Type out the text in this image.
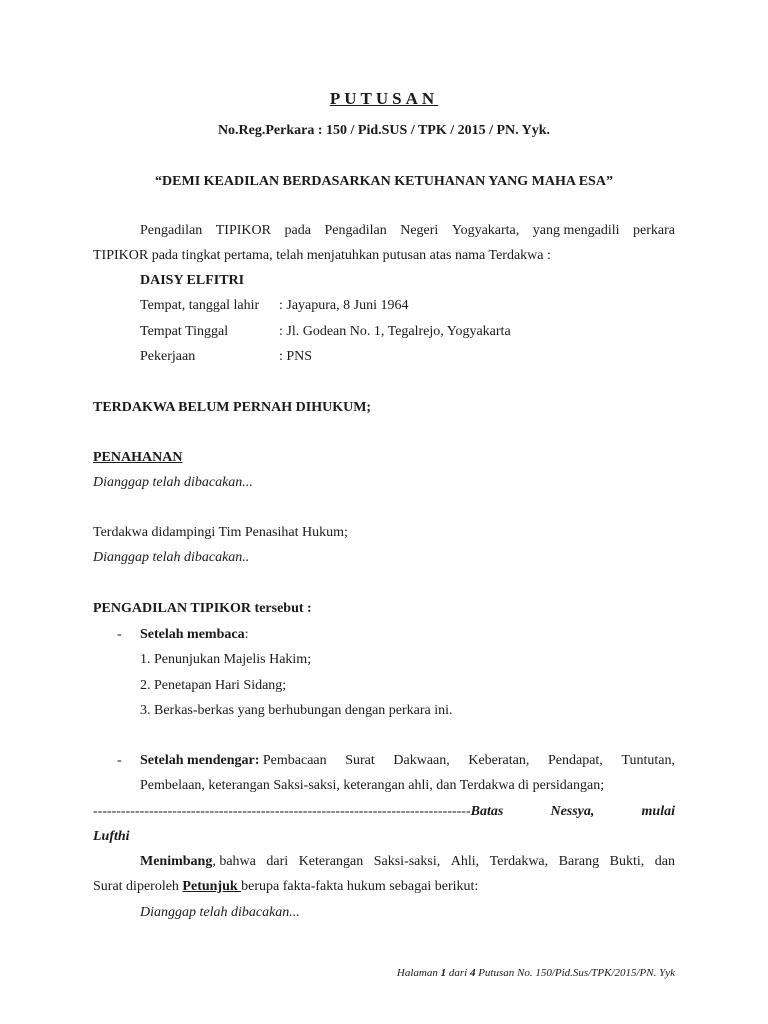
PUTUSAN
No.Reg.Perkara : 150 / Pid.SUS / TPK / 2015 / PN. Yyk.
“DEMI KEADILAN BERDASARKAN KETUHANAN YANG MAHA ESA”
Pengadilan TIPIKOR pada Pengadilan Negeri Yogyakarta, yang mengadili perkara
TIPIKOR pada tingkat pertama, telah menjatuhkan putusan atas nama Terdakwa :
DAISY ELFITRI
Tempat, tanggal lahir : Jayapura, 8 Juni 1964
Tempat Tinggal	: Jl. Godean No. 1, Tegalrejo, Yogyakarta
Pekerjaan	: PNS
TERDAKWA BELUM PERNAH DIHUKUM;
PENAHANAN
Dianggap telah dibacakan...
Terdakwa didampingi Tim Penasihat Hukum;
Dianggap telah dibacakan..
PENGADILAN TIPIKOR tersebut :
- Setelah membaca:
1. Penunjukan Majelis Hakim;
2. Penetapan Hari Sidang;
3. Berkas-berkas yang berhubungan dengan perkara ini.
- Setelah mendengar: Pembacaan Surat Dakwaan, Keberatan, Pendapat, Tuntutan,
Pembelaan, keterangan Saksi-saksi, keterangan ahli, dan Terdakwa di persidangan;
---------------------------------------------------------------------------------Batas	Nessya,	mulai
Lufthi
Menimbang, bahwa dari Keterangan Saksi-saksi, Ahli, Terdakwa, Barang Bukti, dan
Surat diperoleh Petunjuk berupa fakta-fakta hukum sebagai berikut:
Dianggap telah dibacakan...
Halaman 1 dari 4 Putusan No. 150/Pid.Sus/TPK/2015/PN. Yyk
